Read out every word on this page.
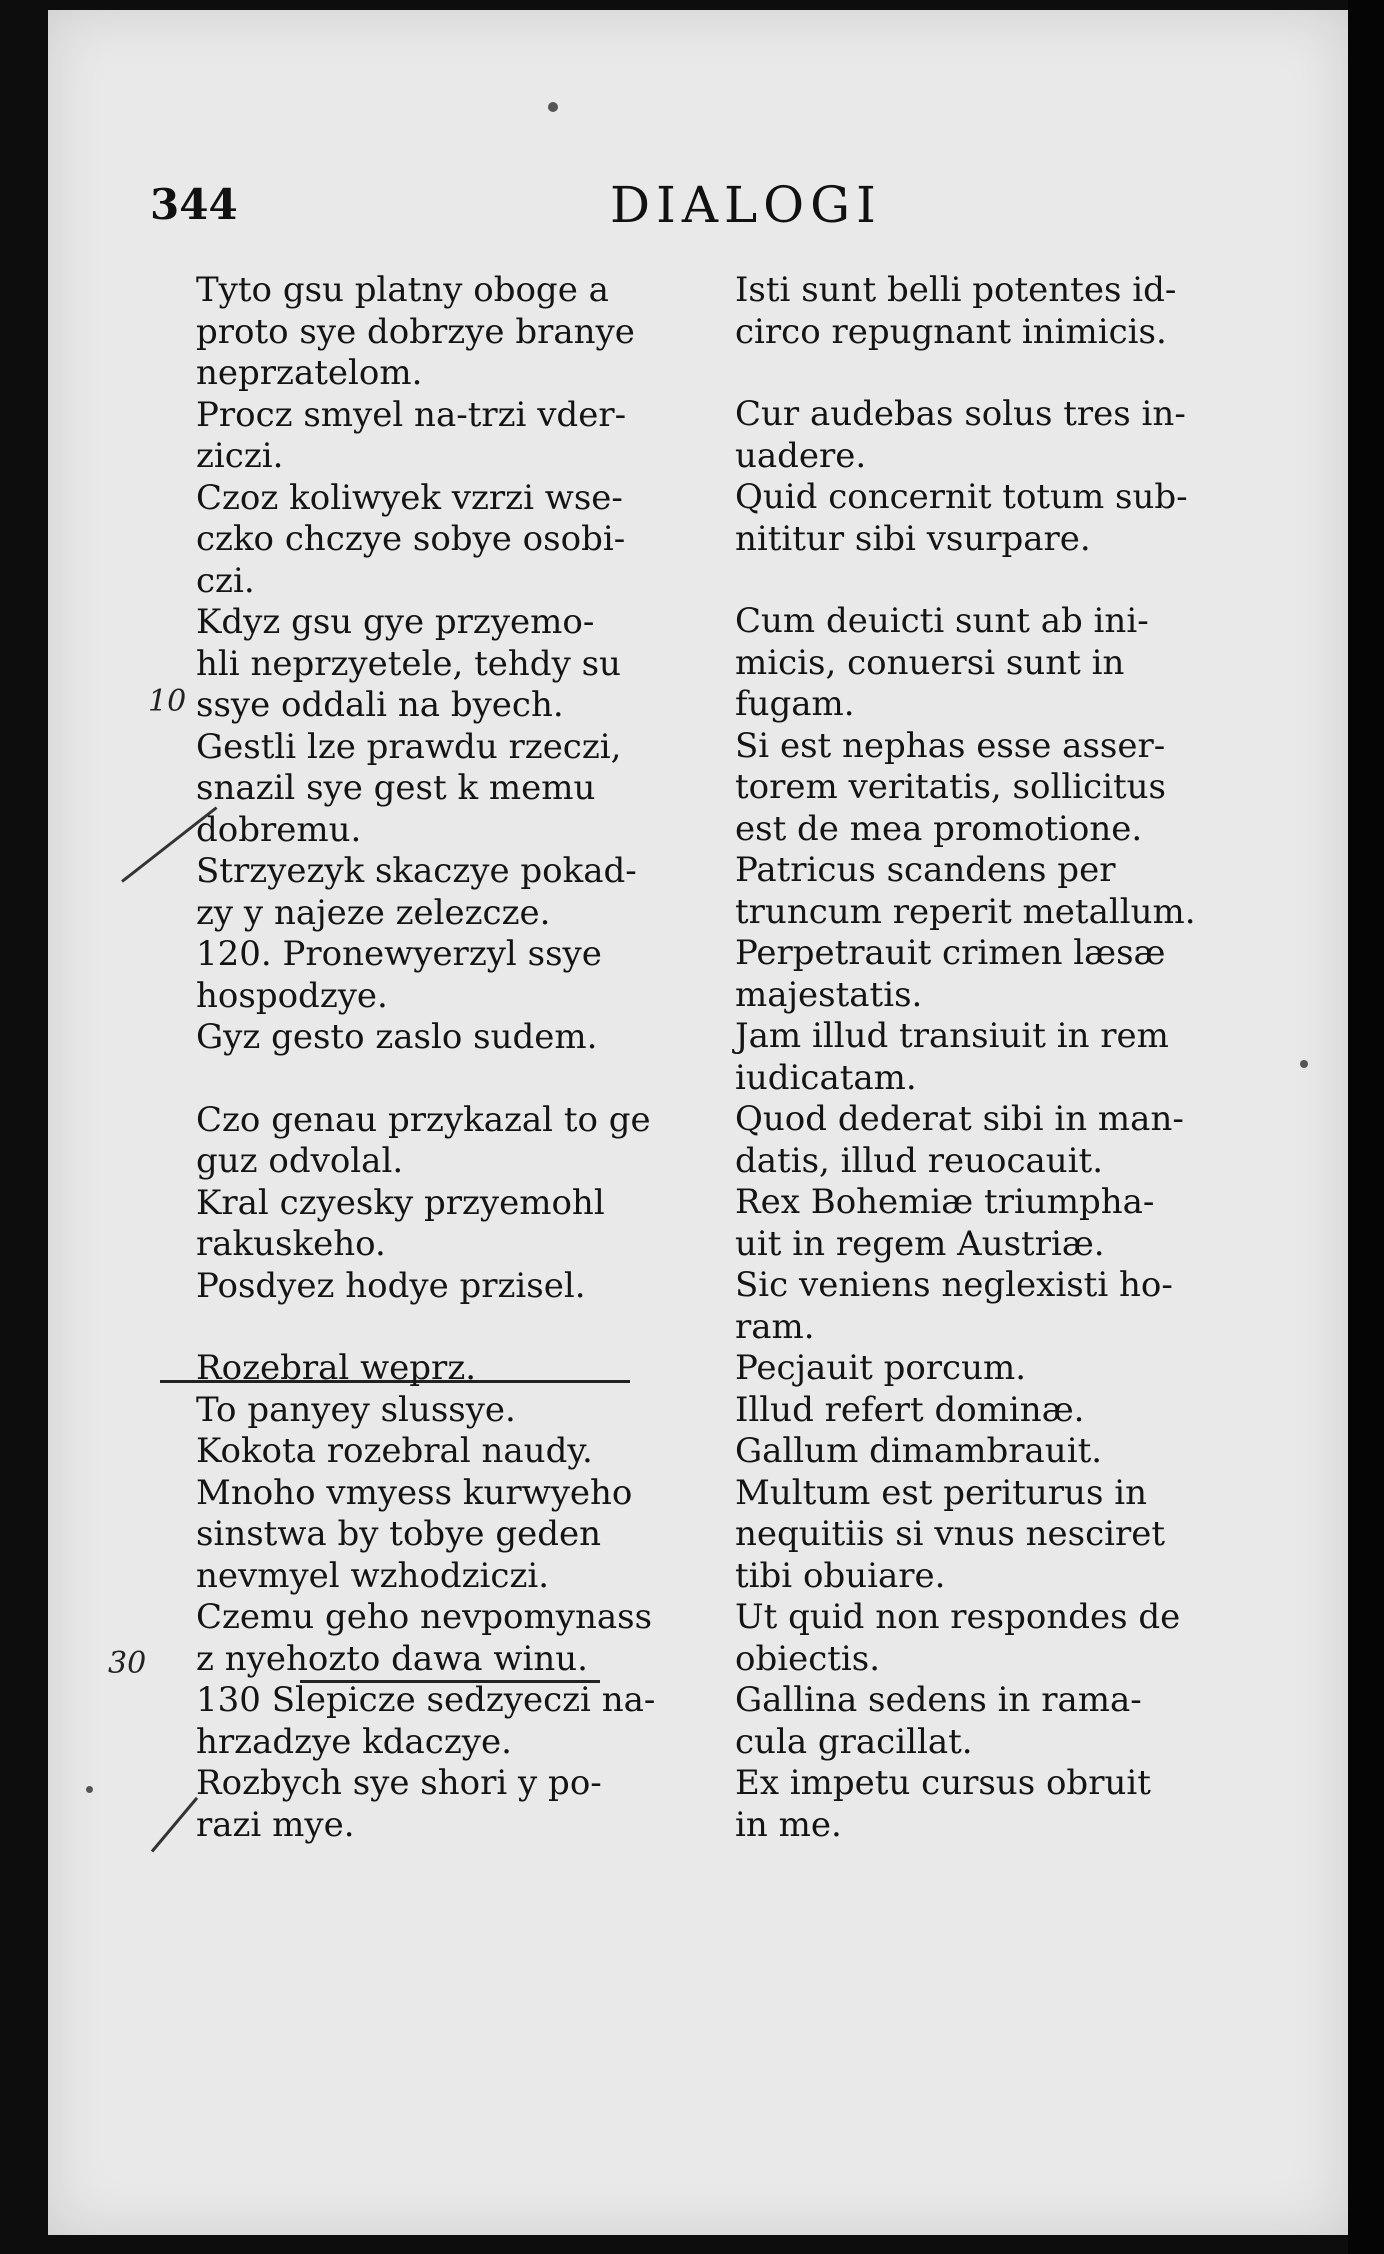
344	DIALOGI
10
30

Tyto gsu platny oboge a
proto sye dobrzye branye
neprzatelom.

Procz smyel na-trzi vder-
ziczi.

Czoz koliwyek vzrzi wse-
czko chczye sobye osobi-
czi.

Kdyz gsu gye przyemo-
hli neprzyetele, tehdy su
ssye oddali na byech.

Gestli lze prawdu rzeczi,
snazil sye gest k memu
dobremu.

Strzyezyk skaczye pokad-
zy y najeze zelezcze.

120. Pronewyerzyl ssye
hospodzye.

Gyz gesto zaslo sudem.

Czo genau przykazal to ge
guz odvolal.

Kral czyesky przyemohl
rakuskeho.

Posdyez hodye przisel.

Rozebral weprz.

To panyey slussye.

Kokota rozebral naudy.

Mnoho vmyess kurwyeho
sinstwa by tobye geden
nevmyel wzhodziczi.

Czemu geho nevpomynass
z nyehozto dawa winu.

130 Slepicze sedzyeczi na-
hrzadzye kdaczye.

Rozbych sye shori y po-
razi mye.

Isti sunt belli potentes id-
circo repugnant inimicis.

Cur audebas solus tres in-
uadere.

Quid concernit totum sub-
nititur sibi vsurpare.

Cum deuicti sunt ab ini-
micis, conuersi sunt in
fugam.

Si est nephas esse asser-
torem veritatis, sollicitus
est de mea promotione.

Patricus scandens per
truncum reperit metallum.

Perpetrauit crimen læsæ
majestatis.

Jam illud transiuit in rem
iudicatam.

Quod dederat sibi in man-
datis, illud reuocauit.

Rex Bohemiæ triumpha-
uit in regem Austriæ.

Sic veniens neglexisti ho-
ram.

Pecjauit porcum.

Illud refert dominæ.

Gallum dimambrauit.

Multum est periturus in
nequitiis si vnus nesciret
tibi obuiare.

Ut quid non respondes de
obiectis.

Gallina sedens in rama-
cula gracillat.

Ex impetu cursus obruit
in me.
